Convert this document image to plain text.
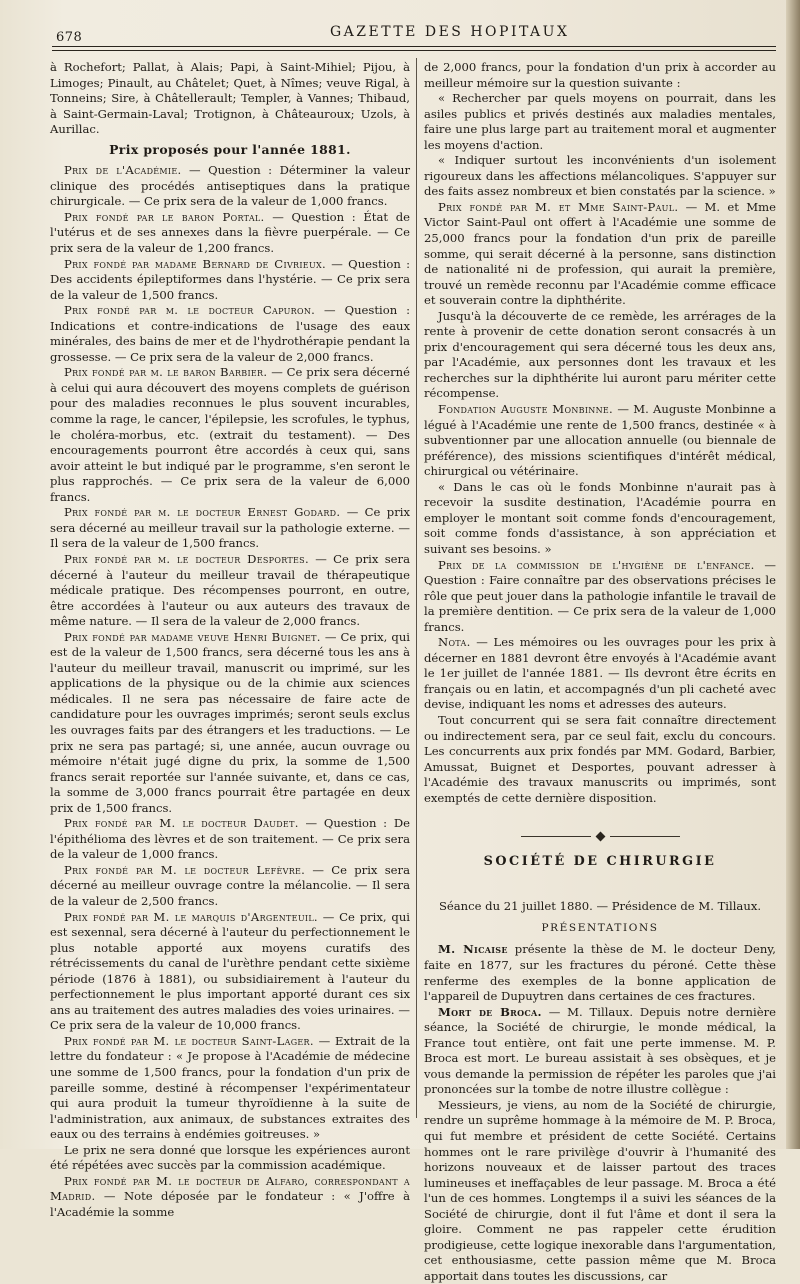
678	GAZETTE DES HOPITAUX

à Rochefort; Pallat, à Alais; Papi, à Saint-Mihiel; Pijou, à Limoges; Pinault, au Châtelet; Quet, à Nîmes; veuve Rigal, à Tonneins; Sire, à Châtellerault; Templer, à Vannes; Thibaud, à Saint-Germain-Laval; Trotignon, à Châteauroux; Uzols, à Aurillac.

Prix proposés pour l'année 1881.

Prix de l'Académie. — Question : Déterminer la valeur clinique des procédés antiseptiques dans la pratique chirurgicale. — Ce prix sera de la valeur de 1,000 francs.

Prix fondé par le baron Portal. — Question : État de l'utérus et de ses annexes dans la fièvre puerpérale. — Ce prix sera de la valeur de 1,200 francs.

Prix fondé par madame Bernard de Civrieux. — Question : Des accidents épileptiformes dans l'hystérie. — Ce prix sera de la valeur de 1,500 francs.

Prix fondé par m. le docteur Capuron. — Question : Indications et contre-indications de l'usage des eaux minérales, des bains de mer et de l'hydrothérapie pendant la grossesse. — Ce prix sera de la valeur de 2,000 francs.

Prix fondé par m. le baron Barbier. — Ce prix sera décerné à celui qui aura découvert des moyens complets de guérison pour des maladies reconnues le plus souvent incurables, comme la rage, le cancer, l'épilepsie, les scrofules, le typhus, le choléra-morbus, etc. (extrait du testament). — Des encouragements pourront être accordés à ceux qui, sans avoir atteint le but indiqué par le programme, s'en seront le plus rapprochés. — Ce prix sera de la valeur de 6,000 francs.

Prix fondé par m. le docteur Ernest Godard. — Ce prix sera décerné au meilleur travail sur la pathologie externe. — Il sera de la valeur de 1,500 francs.

Prix fondé par m. le docteur Desportes. — Ce prix sera décerné à l'auteur du meilleur travail de thérapeutique médicale pratique. Des récompenses pourront, en outre, être accordées à l'auteur ou aux auteurs des travaux de même nature. — Il sera de la valeur de 2,000 francs.

Prix fondé par madame veuve Henri Buignet. — Ce prix, qui est de la valeur de 1,500 francs, sera décerné tous les ans à l'auteur du meilleur travail, manuscrit ou imprimé, sur les applications de la physique ou de la chimie aux sciences médicales. Il ne sera pas nécessaire de faire acte de candidature pour les ouvrages imprimés; seront seuls exclus les ouvrages faits par des étrangers et les traductions. — Le prix ne sera pas partagé; si, une année, aucun ouvrage ou mémoire n'était jugé digne du prix, la somme de 1,500 francs serait reportée sur l'année suivante, et, dans ce cas, la somme de 3,000 francs pourrait être partagée en deux prix de 1,500 francs.

Prix fondé par M. le docteur Daudet. — Question : De l'épithélioma des lèvres et de son traitement. — Ce prix sera de la valeur de 1,000 francs.

Prix fondé par M. le docteur Lefèvre. — Ce prix sera décerné au meilleur ouvrage contre la mélancolie. — Il sera de la valeur de 2,500 francs.

Prix fondé par M. le marquis d'Argenteuil. — Ce prix, qui est sexennal, sera décerné à l'auteur du perfectionnement le plus notable apporté aux moyens curatifs des rétrécissements du canal de l'urèthre pendant cette sixième période (1876 à 1881), ou subsidiairement à l'auteur du perfectionnement le plus important apporté durant ces six ans au traitement des autres maladies des voies urinaires. — Ce prix sera de la valeur de 10,000 francs.

Prix fondé par M. le docteur Saint-Lager. — Extrait de la lettre du fondateur : « Je propose à l'Académie de médecine une somme de 1,500 francs, pour la fondation d'un prix de pareille somme, destiné à récompenser l'expérimentateur qui aura produit la tumeur thyroïdienne à la suite de l'administration, aux animaux, de substances extraites des eaux ou des terrains à endémies goitreuses. »

Le prix ne sera donné que lorsque les expériences auront été répétées avec succès par la commission académique.

Prix fondé par M. le docteur de Alfaro, correspondant a Madrid. — Note déposée par le fondateur : « J'offre à l'Académie la somme

de 2,000 francs, pour la fondation d'un prix à accorder au meilleur mémoire sur la question suivante :

« Rechercher par quels moyens on pourrait, dans les asiles publics et privés destinés aux maladies mentales, faire une plus large part au traitement moral et augmenter les moyens d'action.

« Indiquer surtout les inconvénients d'un isolement rigoureux dans les affections mélancoliques. S'appuyer sur des faits assez nombreux et bien constatés par la science. »

Prix fondé par M. et Mme Saint-Paul. — M. et Mme Victor Saint-Paul ont offert à l'Académie une somme de 25,000 francs pour la fondation d'un prix de pareille somme, qui serait décerné à la personne, sans distinction de nationalité ni de profession, qui aurait la première, trouvé un remède reconnu par l'Académie comme efficace et souverain contre la diphthérite.

Jusqu'à la découverte de ce remède, les arrérages de la rente à provenir de cette donation seront consacrés à un prix d'encouragement qui sera décerné tous les deux ans, par l'Académie, aux personnes dont les travaux et les recherches sur la diphthérite lui auront paru mériter cette récompense.

Fondation Auguste Monbinne. — M. Auguste Monbinne a légué à l'Académie une rente de 1,500 francs, destinée « à subventionner par une allocation annuelle (ou biennale de préférence), des missions scientifiques d'intérêt médical, chirurgical ou vétérinaire.

« Dans le cas où le fonds Monbinne n'aurait pas à recevoir la susdite destination, l'Académie pourra en employer le montant soit comme fonds d'encouragement, soit comme fonds d'assistance, à son appréciation et suivant ses besoins. »

Prix de la commission de l'hygiène de l'enfance. — Question : Faire connaître par des observations précises le rôle que peut jouer dans la pathologie infantile le travail de la première dentition. — Ce prix sera de la valeur de 1,000 francs.

Nota. — Les mémoires ou les ouvrages pour les prix à décerner en 1881 devront être envoyés à l'Académie avant le 1er juillet de l'année 1881. — Ils devront être écrits en français ou en latin, et accompagnés d'un pli cacheté avec devise, indiquant les noms et adresses des auteurs.

Tout concurrent qui se sera fait connaître directement ou indirectement sera, par ce seul fait, exclu du concours. Les concurrents aux prix fondés par MM. Godard, Barbier, Amussat, Buignet et Desportes, pouvant adresser à l'Académie des travaux manuscrits ou imprimés, sont exemptés de cette dernière disposition.

SOCIÉTÉ DE CHIRURGIE
Séance du 21 juillet 1880. — Présidence de M. Tillaux.
PRÉSENTATIONS

M. Nicaise présente la thèse de M. le docteur Deny, faite en 1877, sur les fractures du péroné. Cette thèse renferme des exemples de la bonne application de l'appareil de Dupuytren dans certaines de ces fractures.

Mort de Broca. — M. Tillaux. Depuis notre dernière séance, la Société de chirurgie, le monde médical, la France tout entière, ont fait une perte immense. M. P. Broca est mort. Le bureau assistait à ses obsèques, et je vous demande la permission de répéter les paroles que j'ai prononcées sur la tombe de notre illustre collègue :

Messieurs, je viens, au nom de la Société de chirurgie, rendre un suprême hommage à la mémoire de M. P. Broca, qui fut membre et président de cette Société. Certains hommes ont le rare privilège d'ouvrir à l'humanité des horizons nouveaux et de laisser partout des traces lumineuses et ineffaçables de leur passage. M. Broca a été l'un de ces hommes. Longtemps il a suivi les séances de la Société de chirurgie, dont il fut l'âme et dont il sera la gloire. Comment ne pas rappeler cette érudition prodigieuse, cette logique inexorable dans l'argumentation, cet enthousiasme, cette passion même que M. Broca apportait dans toutes les discussions, car
